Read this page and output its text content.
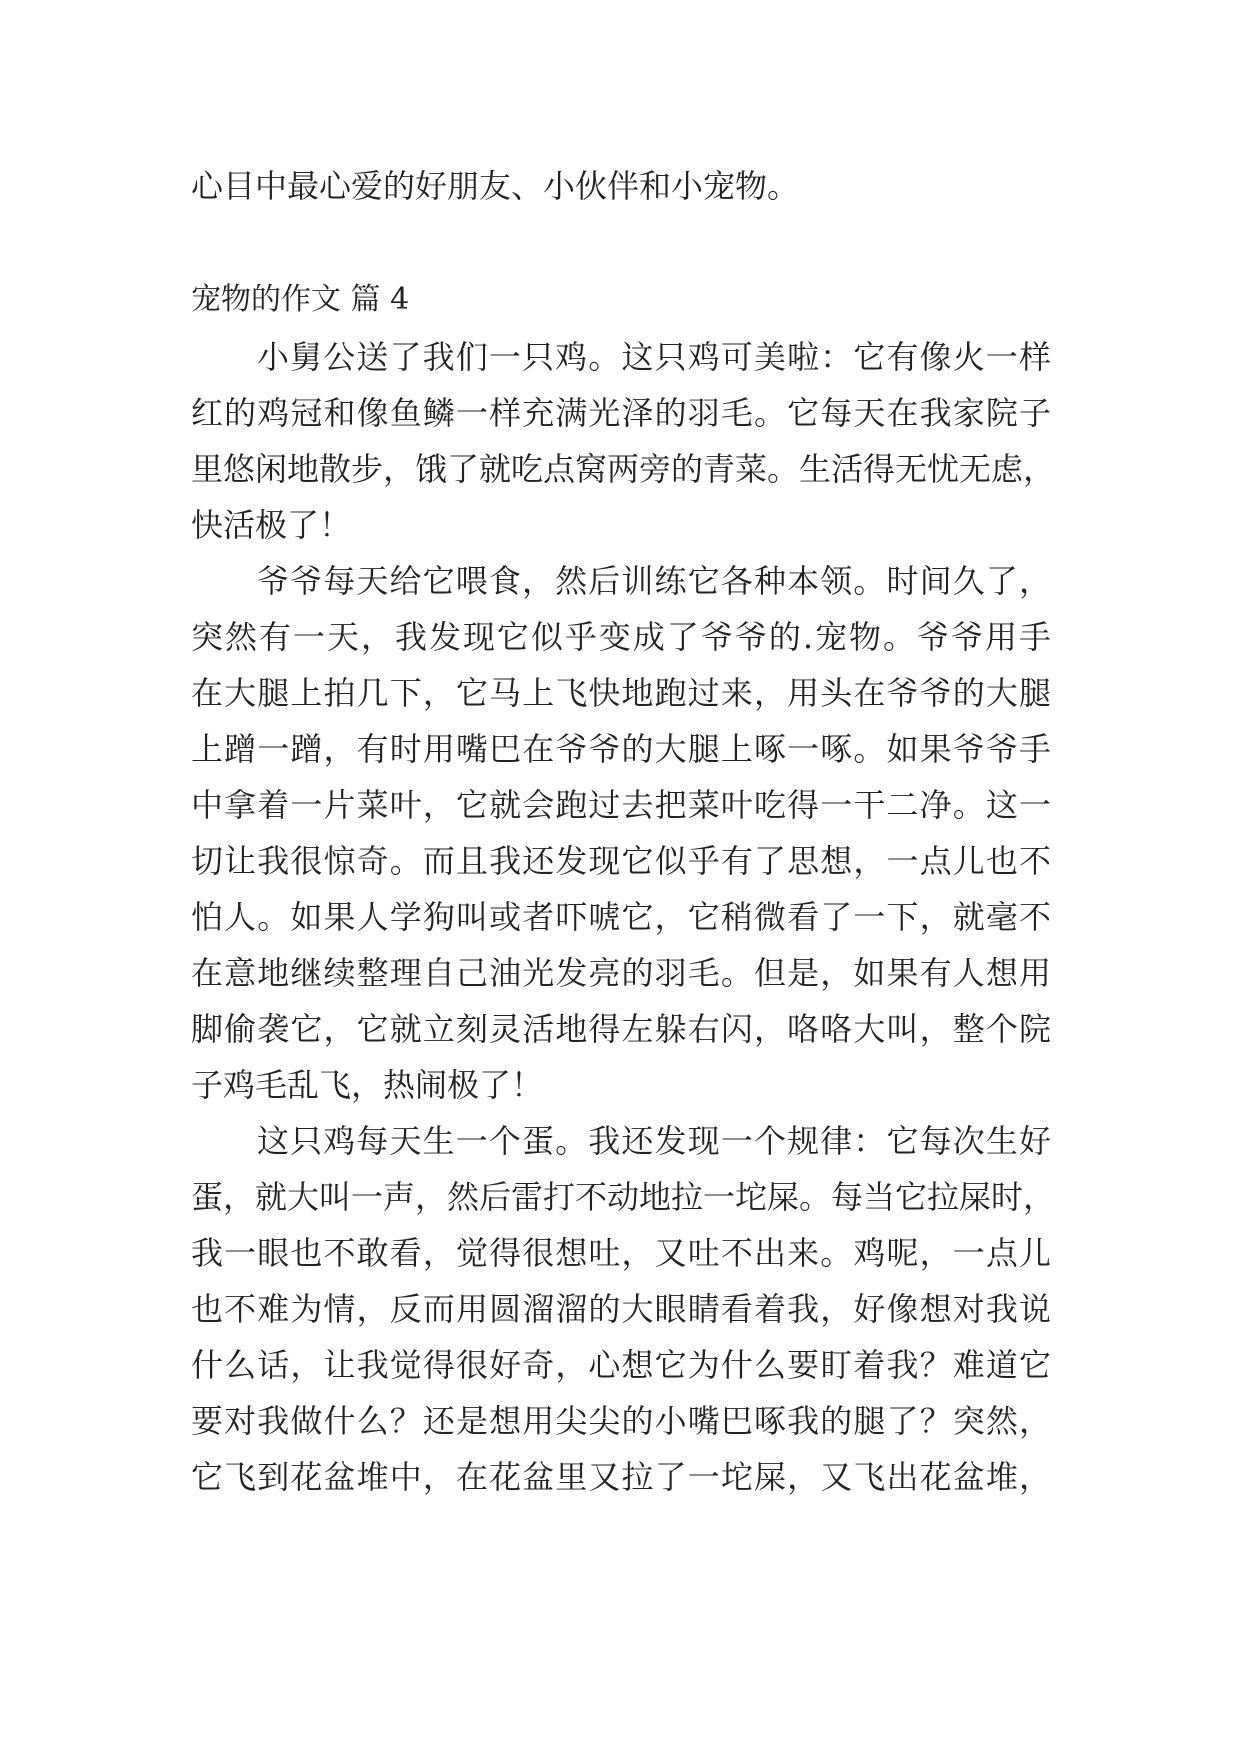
心目中最心爱的好朋友、小伙伴和小宠物。
宠物的作文 篇 4
小舅公送了我们一只鸡。这只鸡可美啦：它有像火一样
红的鸡冠和像鱼鳞一样充满光泽的羽毛。它每天在我家院子
里悠闲地散步，饿了就吃点窝两旁的青菜。生活得无忧无虑，
快活极了！
爷爷每天给它喂食，然后训练它各种本领。时间久了，
突然有一天，我发现它似乎变成了爷爷的.宠物。爷爷用手
在大腿上拍几下，它马上飞快地跑过来，用头在爷爷的大腿
上蹭一蹭，有时用嘴巴在爷爷的大腿上啄一啄。如果爷爷手
中拿着一片菜叶，它就会跑过去把菜叶吃得一干二净。这一
切让我很惊奇。而且我还发现它似乎有了思想，一点儿也不
怕人。如果人学狗叫或者吓唬它，它稍微看了一下，就毫不
在意地继续整理自己油光发亮的羽毛。但是，如果有人想用
脚偷袭它，它就立刻灵活地得左躲右闪，咯咯大叫，整个院
子鸡毛乱飞，热闹极了！
这只鸡每天生一个蛋。我还发现一个规律：它每次生好
蛋，就大叫一声，然后雷打不动地拉一坨屎。每当它拉屎时，
我一眼也不敢看，觉得很想吐，又吐不出来。鸡呢，一点儿
也不难为情，反而用圆溜溜的大眼睛看着我，好像想对我说
什么话，让我觉得很好奇，心想它为什么要盯着我？难道它
要对我做什么？还是想用尖尖的小嘴巴啄我的腿了？突然，
它飞到花盆堆中，在花盆里又拉了一坨屎，又飞出花盆堆，
